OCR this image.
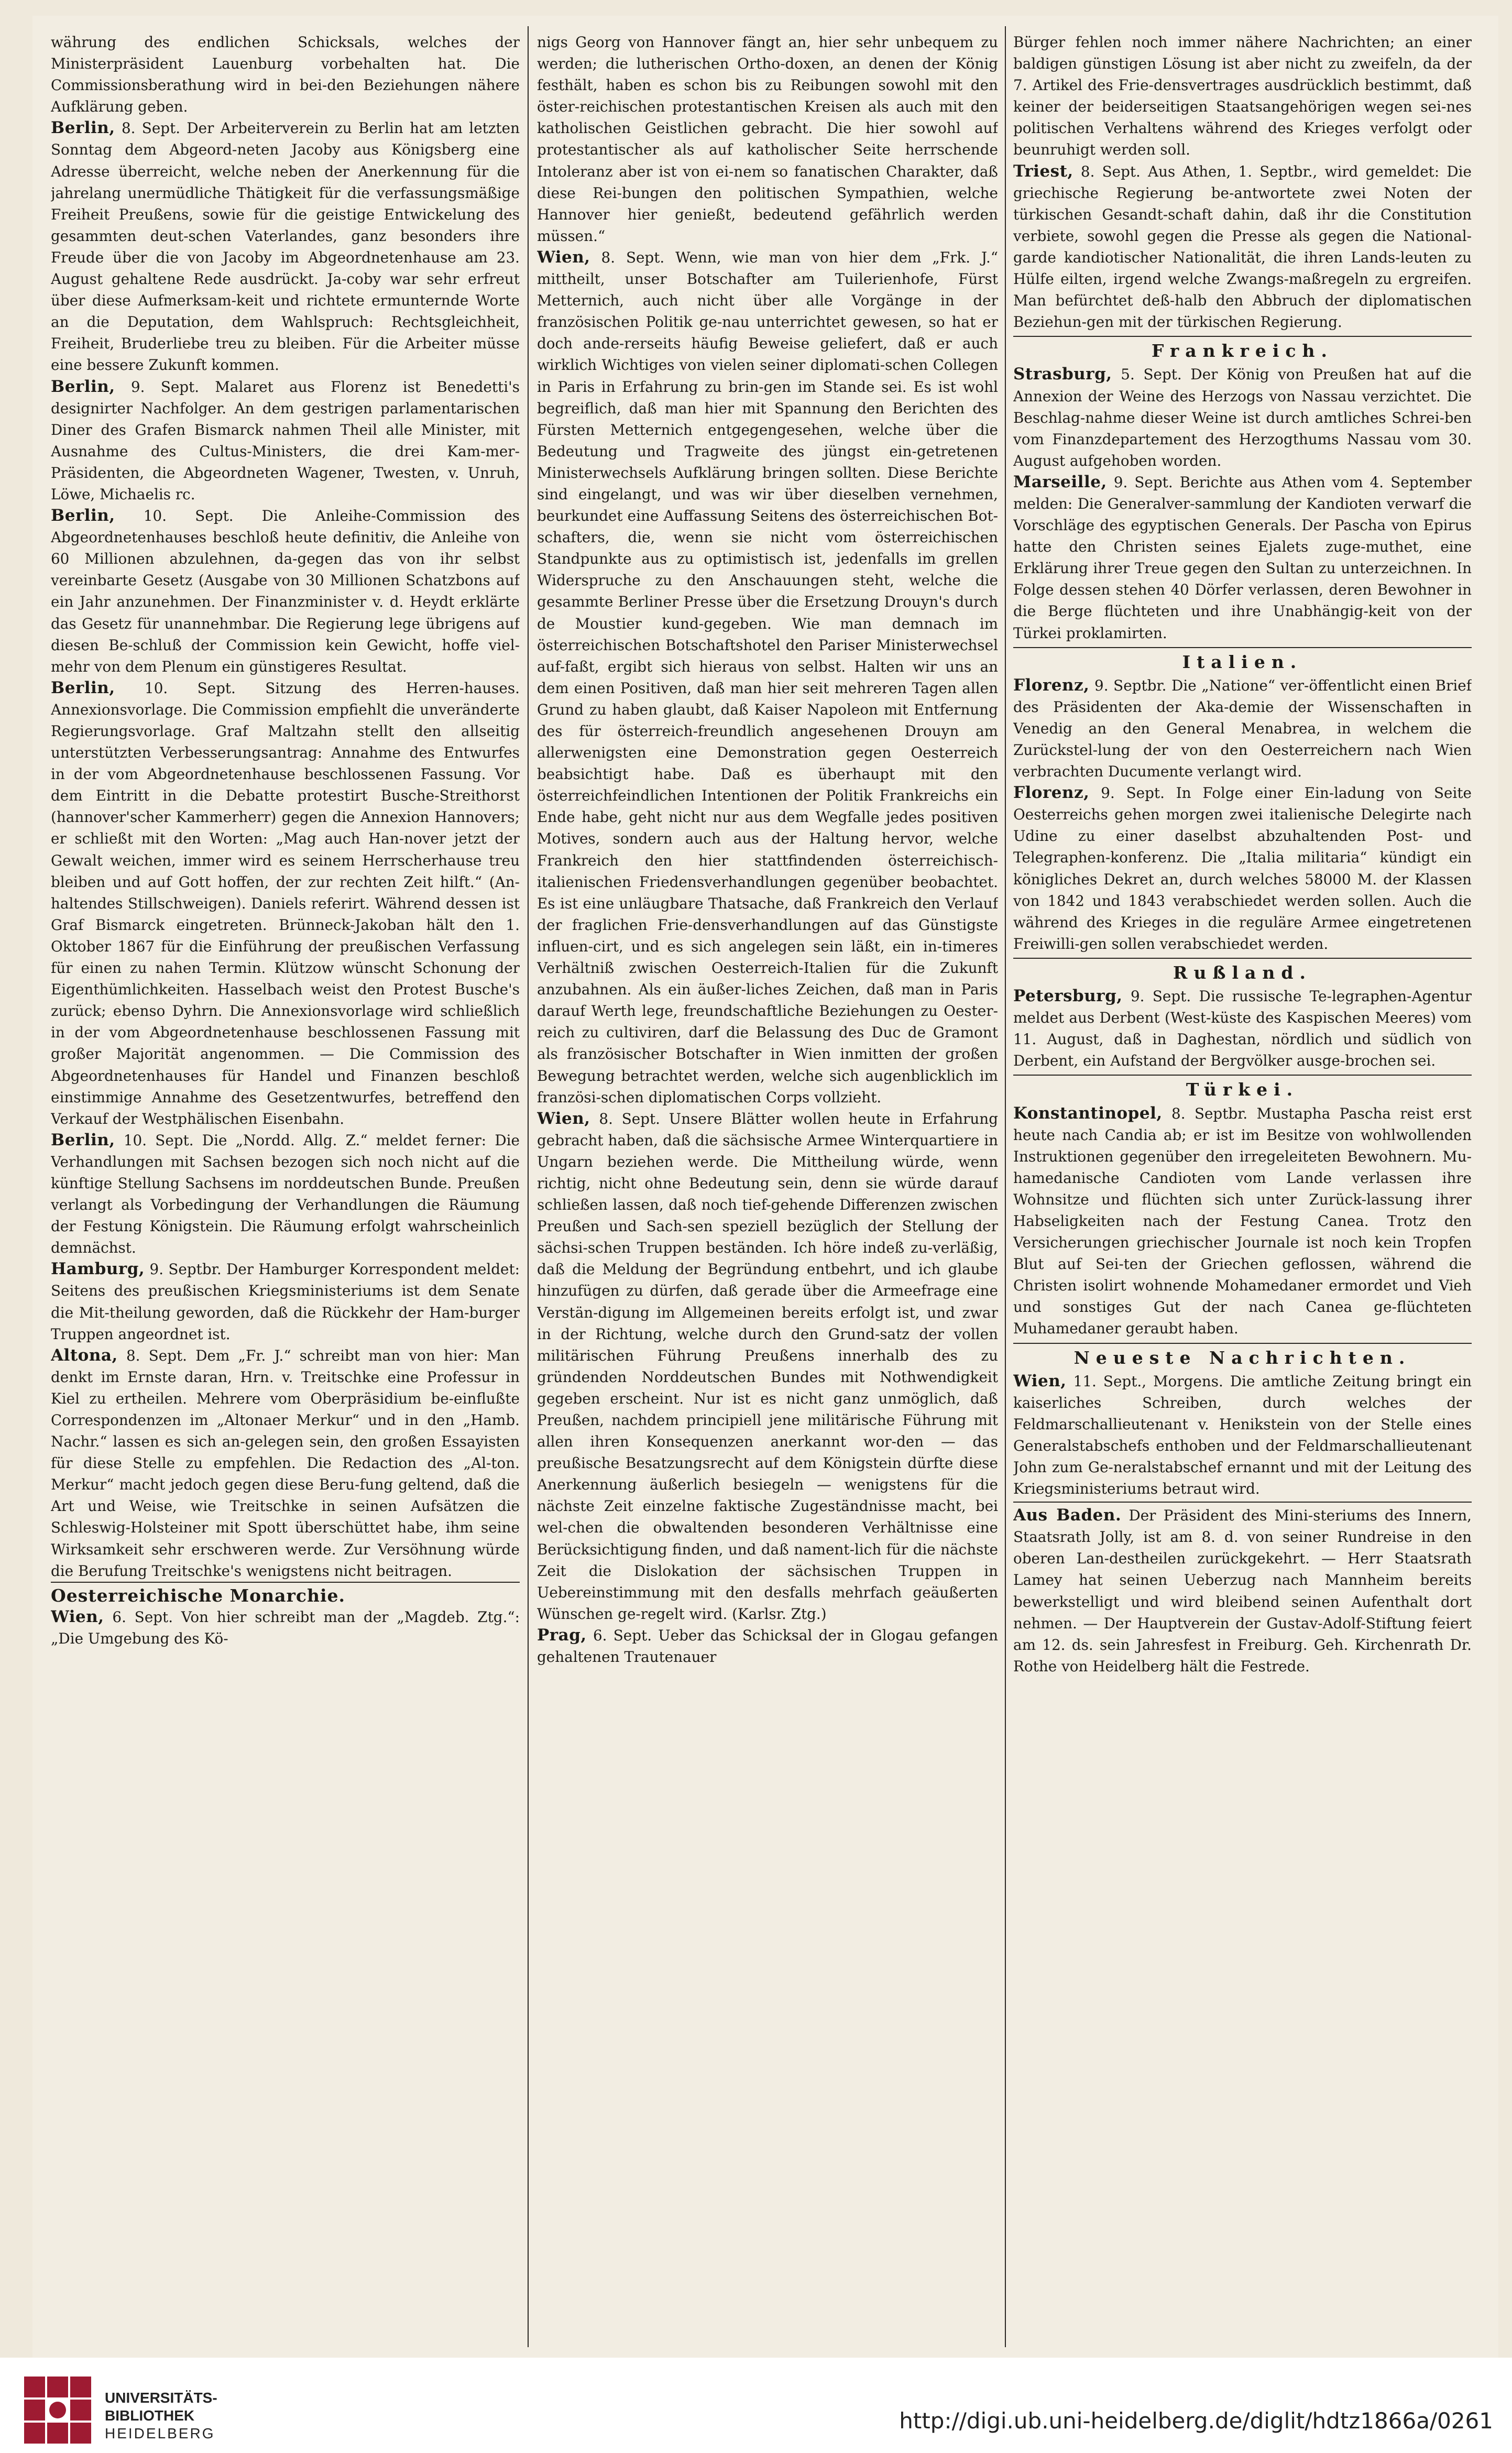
währung des endlichen Schicksals, welches der Ministerpräsident Lauenburg vorbehalten hat. Die Commissionsberathung wird in bei-den Beziehungen nähere Aufklärung geben.

Berlin, 8. Sept. Der Arbeiterverein zu Berlin hat am letzten Sonntag dem Abgeord-neten Jacoby aus Königsberg eine Adresse überreicht, welche neben der Anerkennung für die jahrelang unermüdliche Thätigkeit für die verfassungsmäßige Freiheit Preußens, sowie für die geistige Entwickelung des gesammten deut-schen Vaterlandes, ganz besonders ihre Freude über die von Jacoby im Abgeordnetenhause am 23. August gehaltene Rede ausdrückt. Ja-coby war sehr erfreut über diese Aufmerksam-keit und richtete ermunternde Worte an die Deputation, dem Wahlspruch: Rechtsgleichheit, Freiheit, Bruderliebe treu zu bleiben. Für die Arbeiter müsse eine bessere Zukunft kommen.

Berlin, 9. Sept. Malaret aus Florenz ist Benedetti's designirter Nachfolger. An dem gestrigen parlamentarischen Diner des Grafen Bismarck nahmen Theil alle Minister, mit Ausnahme des Cultus-Ministers, die drei Kam-mer-Präsidenten, die Abgeordneten Wagener, Twesten, v. Unruh, Löwe, Michaelis rc.

Berlin, 10. Sept. Die Anleihe-Commission des Abgeordnetenhauses beschloß heute definitiv, die Anleihe von 60 Millionen abzulehnen, da-gegen das von ihr selbst vereinbarte Gesetz (Ausgabe von 30 Millionen Schatzbons auf ein Jahr anzunehmen. Der Finanzminister v. d. Heydt erklärte das Gesetz für unannehmbar. Die Regierung lege übrigens auf diesen Be-schluß der Commission kein Gewicht, hoffe viel-mehr von dem Plenum ein günstigeres Resultat.

Berlin, 10. Sept. Sitzung des Herren-hauses. Annexionsvorlage. Die Commission empfiehlt die unveränderte Regierungsvorlage. Graf Maltzahn stellt den allseitig unterstützten Verbesserungsantrag: Annahme des Entwurfes in der vom Abgeordnetenhause beschlossenen Fassung. Vor dem Eintritt in die Debatte protestirt Busche-Streithorst (hannover'scher Kammerherr) gegen die Annexion Hannovers; er schließt mit den Worten: „Mag auch Han-nover jetzt der Gewalt weichen, immer wird es seinem Herrscherhause treu bleiben und auf Gott hoffen, der zur rechten Zeit hilft.“ (An-haltendes Stillschweigen). Daniels referirt. Während dessen ist Graf Bismarck eingetreten. Brünneck-Jakoban hält den 1. Oktober 1867 für die Einführung der preußischen Verfassung für einen zu nahen Termin. Klützow wünscht Schonung der Eigenthümlichkeiten. Hasselbach weist den Protest Busche's zurück; ebenso Dyhrn. Die Annexionsvorlage wird schließlich in der vom Abgeordnetenhause beschlossenen Fassung mit großer Majorität angenommen. — Die Commission des Abgeordnetenhauses für Handel und Finanzen beschloß einstimmige Annahme des Gesetzentwurfes, betreffend den Verkauf der Westphälischen Eisenbahn.

Berlin, 10. Sept. Die „Nordd. Allg. Z.“ meldet ferner: Die Verhandlungen mit Sachsen bezogen sich noch nicht auf die künftige Stellung Sachsens im norddeutschen Bunde. Preußen verlangt als Vorbedingung der Verhandlungen die Räumung der Festung Königstein. Die Räumung erfolgt wahrscheinlich demnächst.

Hamburg, 9. Septbr. Der Hamburger Korrespondent meldet: Seitens des preußischen Kriegsministeriums ist dem Senate die Mit-theilung geworden, daß die Rückkehr der Ham-burger Truppen angeordnet ist.

Altona, 8. Sept. Dem „Fr. J.“ schreibt man von hier: Man denkt im Ernste daran, Hrn. v. Treitschke eine Professur in Kiel zu ertheilen. Mehrere vom Oberpräsidium be-einflußte Correspondenzen im „Altonaer Merkur“ und in den „Hamb. Nachr.“ lassen es sich an-gelegen sein, den großen Essayisten für diese Stelle zu empfehlen. Die Redaction des „Al-ton. Merkur“ macht jedoch gegen diese Beru-fung geltend, daß die Art und Weise, wie Treitschke in seinen Aufsätzen die Schleswig-Holsteiner mit Spott überschüttet habe, ihm seine Wirksamkeit sehr erschweren werde. Zur Versöhnung würde die Berufung Treitschke's wenigstens nicht beitragen.

Oesterreichische Monarchie.

Wien, 6. Sept. Von hier schreibt man der „Magdeb. Ztg.“: „Die Umgebung des Kö-

nigs Georg von Hannover fängt an, hier sehr unbequem zu werden; die lutherischen Ortho-doxen, an denen der König festhält, haben es schon bis zu Reibungen sowohl mit den öster-reichischen protestantischen Kreisen als auch mit den katholischen Geistlichen gebracht. Die hier sowohl auf protestantischer als auf katholischer Seite herrschende Intoleranz aber ist von ei-nem so fanatischen Charakter, daß diese Rei-bungen den politischen Sympathien, welche Hannover hier genießt, bedeutend gefährlich werden müssen.“

Wien, 8. Sept. Wenn, wie man von hier dem „Frk. J.“ mittheilt, unser Botschafter am Tuilerienhofe, Fürst Metternich, auch nicht über alle Vorgänge in der französischen Politik ge-nau unterrichtet gewesen, so hat er doch ande-rerseits häufig Beweise geliefert, daß er auch wirklich Wichtiges von vielen seiner diplomati-schen Collegen in Paris in Erfahrung zu brin-gen im Stande sei. Es ist wohl begreiflich, daß man hier mit Spannung den Berichten des Fürsten Metternich entgegengesehen, welche über die Bedeutung und Tragweite des jüngst ein-getretenen Ministerwechsels Aufklärung bringen sollten. Diese Berichte sind eingelangt, und was wir über dieselben vernehmen, beurkundet eine Auffassung Seitens des österreichischen Bot-schafters, die, wenn sie nicht vom österreichischen Standpunkte aus zu optimistisch ist, jedenfalls im grellen Widerspruche zu den Anschauungen steht, welche die gesammte Berliner Presse über die Ersetzung Drouyn's durch de Moustier kund-gegeben. Wie man demnach im österreichischen Botschaftshotel den Pariser Ministerwechsel auf-faßt, ergibt sich hieraus von selbst. Halten wir uns an dem einen Positiven, daß man hier seit mehreren Tagen allen Grund zu haben glaubt, daß Kaiser Napoleon mit Entfernung des für österreich-freundlich angesehenen Drouyn am allerwenigsten eine Demonstration gegen Oesterreich beabsichtigt habe. Daß es überhaupt mit den österreichfeindlichen Intentionen der Politik Frankreichs ein Ende habe, geht nicht nur aus dem Wegfalle jedes positiven Motives, sondern auch aus der Haltung hervor, welche Frankreich den hier stattfindenden österreichisch-italienischen Friedensverhandlungen gegenüber beobachtet. Es ist eine unläugbare Thatsache, daß Frankreich den Verlauf der fraglichen Frie-densverhandlungen auf das Günstigste influen-cirt, und es sich angelegen sein läßt, ein in-timeres Verhältniß zwischen Oesterreich-Italien für die Zukunft anzubahnen. Als ein äußer-liches Zeichen, daß man in Paris darauf Werth lege, freundschaftliche Beziehungen zu Oester-reich zu cultiviren, darf die Belassung des Duc de Gramont als französischer Botschafter in Wien inmitten der großen Bewegung betrachtet werden, welche sich augenblicklich im französi-schen diplomatischen Corps vollzieht.

Wien, 8. Sept. Unsere Blätter wollen heute in Erfahrung gebracht haben, daß die sächsische Armee Winterquartiere in Ungarn beziehen werde. Die Mittheilung würde, wenn richtig, nicht ohne Bedeutung sein, denn sie würde darauf schließen lassen, daß noch tief-gehende Differenzen zwischen Preußen und Sach-sen speziell bezüglich der Stellung der sächsi-schen Truppen beständen. Ich höre indeß zu-verläßig, daß die Meldung der Begründung entbehrt, und ich glaube hinzufügen zu dürfen, daß gerade über die Armeefrage eine Verstän-digung im Allgemeinen bereits erfolgt ist, und zwar in der Richtung, welche durch den Grund-satz der vollen militärischen Führung Preußens innerhalb des zu gründenden Norddeutschen Bundes mit Nothwendigkeit gegeben erscheint. Nur ist es nicht ganz unmöglich, daß Preußen, nachdem principiell jene militärische Führung mit allen ihren Konsequenzen anerkannt wor-den — das preußische Besatzungsrecht auf dem Königstein dürfte diese Anerkennung äußerlich besiegeln — wenigstens für die nächste Zeit einzelne faktische Zugeständnisse macht, bei wel-chen die obwaltenden besonderen Verhältnisse eine Berücksichtigung finden, und daß nament-lich für die nächste Zeit die Dislokation der sächsischen Truppen in Uebereinstimmung mit den desfalls mehrfach geäußerten Wünschen ge-regelt wird. (Karlsr. Ztg.)

Prag, 6. Sept. Ueber das Schicksal der in Glogau gefangen gehaltenen Trautenauer

Bürger fehlen noch immer nähere Nachrichten; an einer baldigen günstigen Lösung ist aber nicht zu zweifeln, da der 7. Artikel des Frie-densvertrages ausdrücklich bestimmt, daß keiner der beiderseitigen Staatsangehörigen wegen sei-nes politischen Verhaltens während des Krieges verfolgt oder beunruhigt werden soll.

Triest, 8. Sept. Aus Athen, 1. Septbr., wird gemeldet: Die griechische Regierung be-antwortete zwei Noten der türkischen Gesandt-schaft dahin, daß ihr die Constitution verbiete, sowohl gegen die Presse als gegen die National-garde kandiotischer Nationalität, die ihren Lands-leuten zu Hülfe eilten, irgend welche Zwangs-maßregeln zu ergreifen. Man befürchtet deß-halb den Abbruch der diplomatischen Beziehun-gen mit der türkischen Regierung.

Frankreich.

Strasburg, 5. Sept. Der König von Preußen hat auf die Annexion der Weine des Herzogs von Nassau verzichtet. Die Beschlag-nahme dieser Weine ist durch amtliches Schrei-ben vom Finanzdepartement des Herzogthums Nassau vom 30. August aufgehoben worden.

Marseille, 9. Sept. Berichte aus Athen vom 4. September melden: Die Generalver-sammlung der Kandioten verwarf die Vorschläge des egyptischen Generals. Der Pascha von Epirus hatte den Christen seines Ejalets zuge-muthet, eine Erklärung ihrer Treue gegen den Sultan zu unterzeichnen. In Folge dessen stehen 40 Dörfer verlassen, deren Bewohner in die Berge flüchteten und ihre Unabhängig-keit von der Türkei proklamirten.

Italien.

Florenz, 9. Septbr. Die „Natione“ ver-öffentlicht einen Brief des Präsidenten der Aka-demie der Wissenschaften in Venedig an den General Menabrea, in welchem die Zurückstel-lung der von den Oesterreichern nach Wien verbrachten Ducumente verlangt wird.

Florenz, 9. Sept. In Folge einer Ein-ladung von Seite Oesterreichs gehen morgen zwei italienische Delegirte nach Udine zu einer daselbst abzuhaltenden Post- und Telegraphen-konferenz. Die „Italia militaria“ kündigt ein königliches Dekret an, durch welches 58000 M. der Klassen von 1842 und 1843 verabschiedet werden sollen. Auch die während des Krieges in die reguläre Armee eingetretenen Freiwilli-gen sollen verabschiedet werden.

Rußland.

Petersburg, 9. Sept. Die russische Te-legraphen-Agentur meldet aus Derbent (West-küste des Kaspischen Meeres) vom 11. August, daß in Daghestan, nördlich und südlich von Derbent, ein Aufstand der Bergvölker ausge-brochen sei.

Türkei.

Konstantinopel, 8. Septbr. Mustapha Pascha reist erst heute nach Candia ab; er ist im Besitze von wohlwollenden Instruktionen gegenüber den irregeleiteten Bewohnern. Mu-hamedanische Candioten vom Lande verlassen ihre Wohnsitze und flüchten sich unter Zurück-lassung ihrer Habseligkeiten nach der Festung Canea. Trotz den Versicherungen griechischer Journale ist noch kein Tropfen Blut auf Sei-ten der Griechen geflossen, während die Christen isolirt wohnende Mohamedaner ermordet und Vieh und sonstiges Gut der nach Canea ge-flüchteten Muhamedaner geraubt haben.

Neueste Nachrichten.

Wien, 11. Sept., Morgens. Die amtliche Zeitung bringt ein kaiserliches Schreiben, durch welches der Feldmarschallieutenant v. Henikstein von der Stelle eines Generalstabschefs enthoben und der Feldmarschallieutenant John zum Ge-neralstabschef ernannt und mit der Leitung des Kriegsministeriums betraut wird.

Aus Baden. Der Präsident des Mini-steriums des Innern, Staatsrath Jolly, ist am 8. d. von seiner Rundreise in den oberen Lan-destheilen zurückgekehrt. — Herr Staatsrath Lamey hat seinen Ueberzug nach Mannheim bereits bewerkstelligt und wird bleibend seinen Aufenthalt dort nehmen. — Der Hauptverein der Gustav-Adolf-Stiftung feiert am 12. ds. sein Jahresfest in Freiburg. Geh. Kirchenrath Dr. Rothe von Heidelberg hält die Festrede.

UNIVERSITÄTS-
BIBLIOTHEK
HEIDELBERG	http://digi.ub.uni-heidelberg.de/diglit/hdtz1866a/0261
